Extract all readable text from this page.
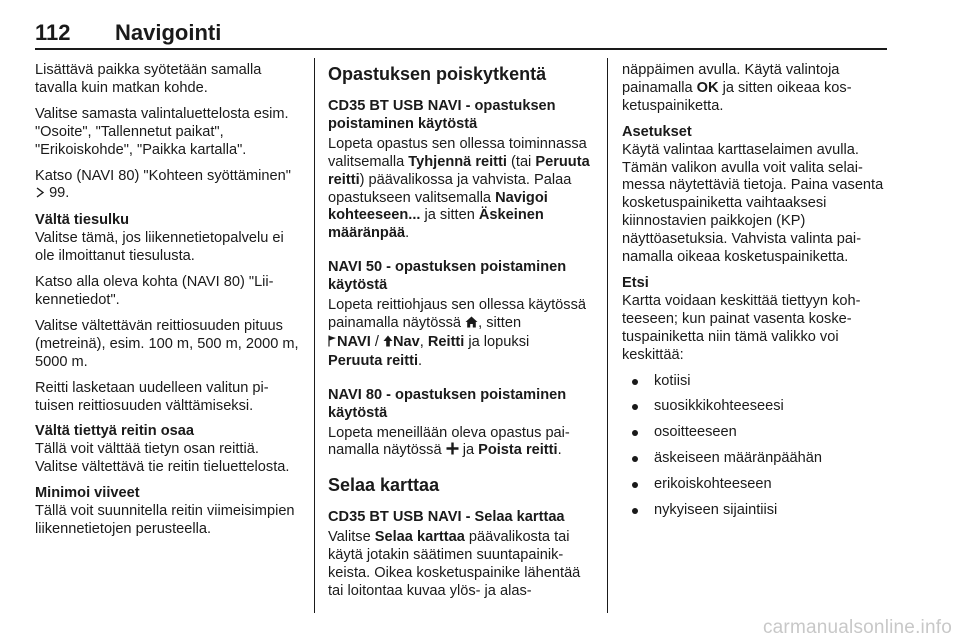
112 Navigointi

Lisättävä paikka syötetään samalla tavalla kuin matkan kohde.

Valitse samasta valintaluettelosta esim. "Osoite", "Tallennetut paikat", "Erikoiskohde", "Paikka kartalla".

Katso (NAVI 80) "Kohteen syöttäminen"  99.

Vältä tiesulku
Valitse tämä, jos liikennetietopalvelu ei ole ilmoittanut tiesulusta.

Katso alla oleva kohta (NAVI 80) "Liikennetiedot".

Valitse vältettävän reittiosuuden pituus (metreinä), esim. 100 m, 500 m, 2000 m, 5000 m.

Reitti lasketaan uudelleen valitun pituisen reittiosuuden välttämiseksi.

Vältä tiettyä reitin osaa
Tällä voit välttää tietyn osan reittiä. Valitse vältettävä tie reitin tieluettelosta.
Minimoi viiveet
Tällä voit suunnitella reitin viimeisimpien liikennetietojen perusteella.
Opastuksen poiskytkentä
CD35 BT USB NAVI - opastuksen poistaminen käytöstä

Lopeta opastus sen ollessa toiminnassa valitsemalla Tyhjennä reitti (tai Peruuta reitti) päävalikossa ja vahvista. Palaa opastukseen valitsemalla Navigoi kohteeseen... ja sitten Äskeinen määränpää.

NAVI 50 - opastuksen poistaminen käytöstä

Lopeta reittiohjaus sen ollessa käytössä painamalla näytössä , sitten
NAVI / Nav, Reitti ja lopuksi
Peruuta reitti.

NAVI 80 - opastuksen poistaminen käytöstä

Lopeta meneillään oleva opastus painamalla näytössä  ja Poista reitti.

Selaa karttaa
CD35 BT USB NAVI - Selaa karttaa

Valitse Selaa karttaa päävalikosta tai käytä jotakin säätimen suuntapainikkeista. Oikea kosketuspainike lähentää tai loitontaa kuvaa ylös- ja alas-

näppäimen avulla. Käytä valintoja painamalla OK ja sitten oikeaa kosketuspainiketta.

Asetukset
Käytä valintaa karttaselaimen avulla. Tämän valikon avulla voit valita selaimessa näytettäviä tietoja. Paina vasenta kosketuspainiketta vaihtaaksesi kiinnostavien paikkojen (KP) näyttöasetuksia. Vahvista valinta painamalla oikeaa kosketuspainiketta.
Etsi
Kartta voidaan keskittää tiettyyn kohteeseen; kun painat vasenta kosketuspainiketta niin tämä valikko voi keskittää:
kotiisi
suosikkikohteeseesi
osoitteeseen
äskeiseen määränpäähän
erikoiskohteeseen
nykyiseen sijaintiisi
carmanualsonline.info
